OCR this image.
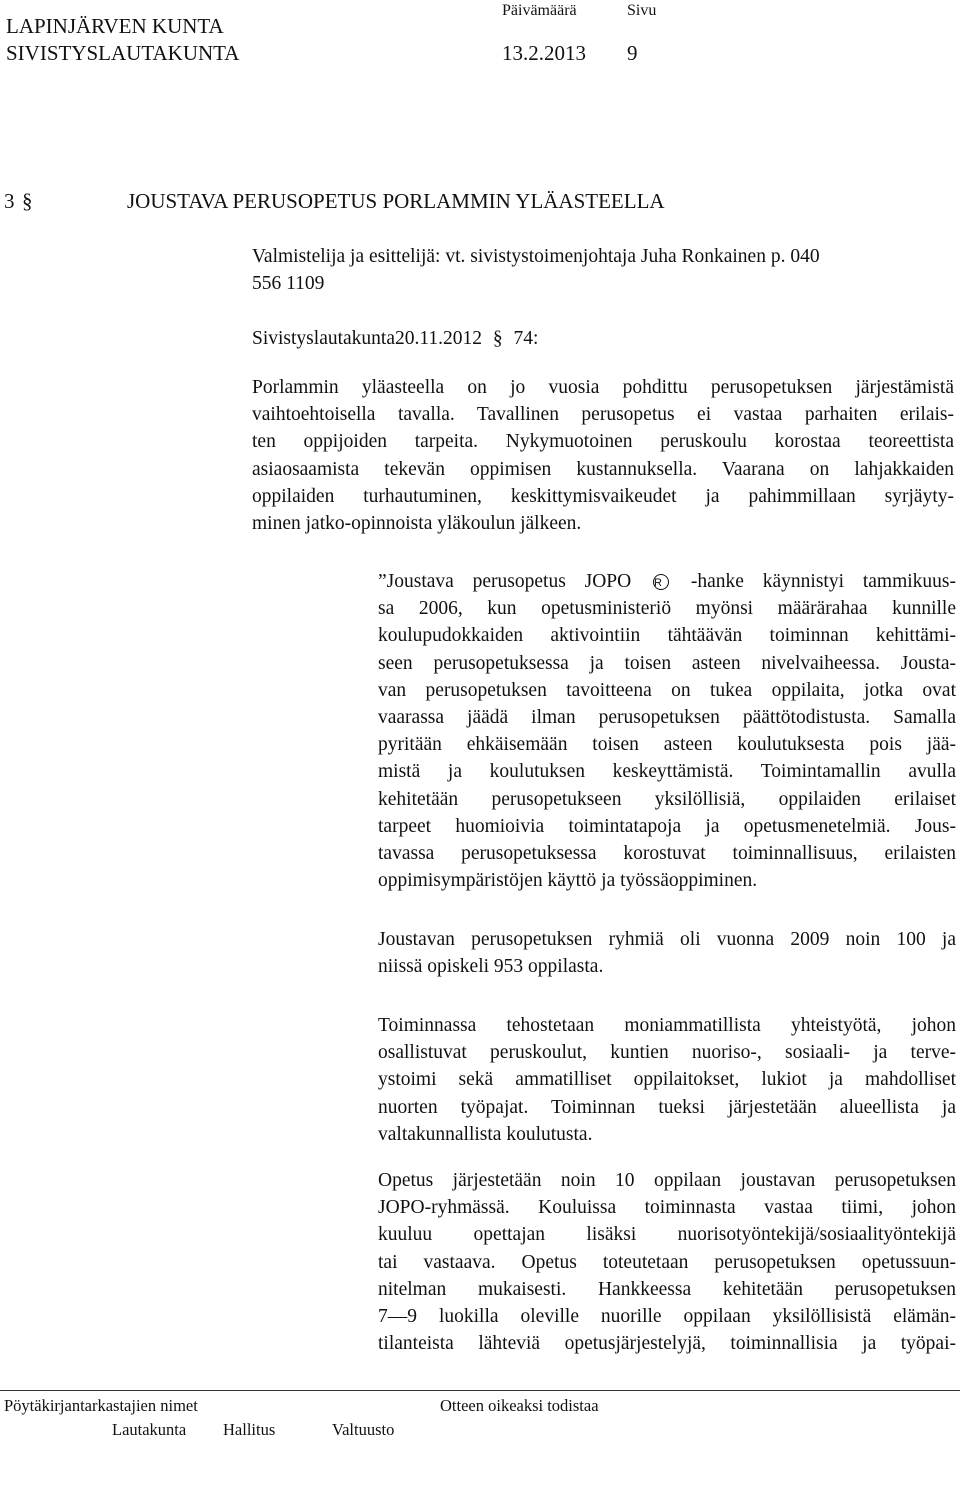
LAPINJÄRVEN KUNTA
SIVISTYSLAUTAKUNTA
Päivämäärä	Sivu
13.2.2013 9
3 §	JOUSTAVA PERUSOPETUS PORLAMMIN YLÄASTEELLA
Valmistelija ja esittelijä: vt. sivistystoimenjohtaja Juha Ronkainen p. 040
556 1109
Sivistyslautakunta20.11.2012 § 74:
Porlammin yläasteella on jo vuosia pohdittu perusopetuksen järjestämistä
vaihtoehtoisella tavalla. Tavallinen perusopetus ei vastaa parhaiten erilais-
ten oppijoiden tarpeita. Nykymuotoinen peruskoulu korostaa teoreettista
asiaosaamista tekevän oppimisen kustannuksella. Vaarana on lahjakkaiden
oppilaiden turhautuminen, keskittymisvaikeudet ja pahimmillaan syrjäyty-
minen jatko-opinnoista yläkoulun jälkeen.
”Joustava perusopetus JOPO R -hanke käynnistyi tammikuus-
sa 2006, kun opetusministeriö myönsi määrärahaa kunnille
koulupudokkaiden aktivointiin tähtäävän toiminnan kehittämi-
seen perusopetuksessa ja toisen asteen nivelvaiheessa. Jousta-
van perusopetuksen tavoitteena on tukea oppilaita, jotka ovat
vaarassa jäädä ilman perusopetuksen päättötodistusta. Samalla
pyritään ehkäisemään toisen asteen koulutuksesta pois jää-
mistä ja koulutuksen keskeyttämistä. Toimintamallin avulla
kehitetään perusopetukseen yksilöllisiä, oppilaiden erilaiset
tarpeet huomioivia toimintatapoja ja opetusmenetelmiä. Jous-
tavassa perusopetuksessa korostuvat toiminnallisuus, erilaisten
oppimisympäristöjen käyttö ja työssäoppiminen.
Joustavan perusopetuksen ryhmiä oli vuonna 2009 noin 100 ja
niissä opiskeli 953 oppilasta.
Toiminnassa tehostetaan moniammatillista yhteistyötä, johon
osallistuvat peruskoulut, kuntien nuoriso-, sosiaali- ja terve-
ystoimi sekä ammatilliset oppilaitokset, lukiot ja mahdolliset
nuorten työpajat. Toiminnan tueksi järjestetään alueellista ja
valtakunnallista koulutusta.
Opetus järjestetään noin 10 oppilaan joustavan perusopetuksen
JOPO-ryhmässä. Kouluissa toiminnasta vastaa tiimi, johon
kuuluu opettajan lisäksi nuorisotyöntekijä/sosiaalityöntekijä
tai vastaava. Opetus toteutetaan perusopetuksen opetussuun-
nitelman mukaisesti. Hankkeessa kehitetään perusopetuksen
7—9 luokilla oleville nuorille oppilaan yksilöllisistä elämän-
tilanteista lähteviä opetusjärjestelyjä, toiminnallisia ja työpai-
Pöytäkirjantarkastajien nimet	Otteen oikeaksi todistaa
Lautakunta Hallitus	Valtuusto
